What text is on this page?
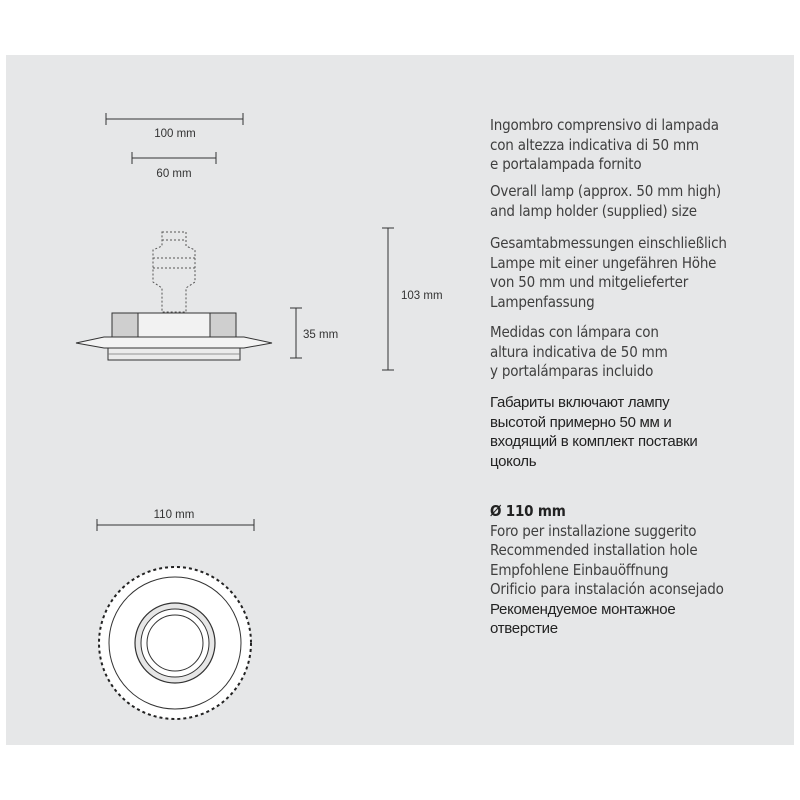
100 mm
60 mm
103 mm
35 mm
110 mm
Ingombro comprensivo di lampada
con altezza indicativa di 50 mm
e portalampada fornito
Overall lamp (approx. 50 mm high)
and lamp holder (supplied) size
Gesamtabmessungen einschließlich
Lampe mit einer ungefähren Höhe
von 50 mm und mitgelieferter
Lampenfassung
Medidas con lámpara con
altura indicativa de 50 mm
y portalámparas incluido
Габариты включают лампу
высотой примерно 50 мм и
входящий в комплект поставки
цоколь
Ø 110 mm
Foro per installazione suggerito
Recommended installation hole
Empfohlene Einbauöffnung
Orificio para instalación aconsejado
Рекомендуемое монтажное
отверстие
